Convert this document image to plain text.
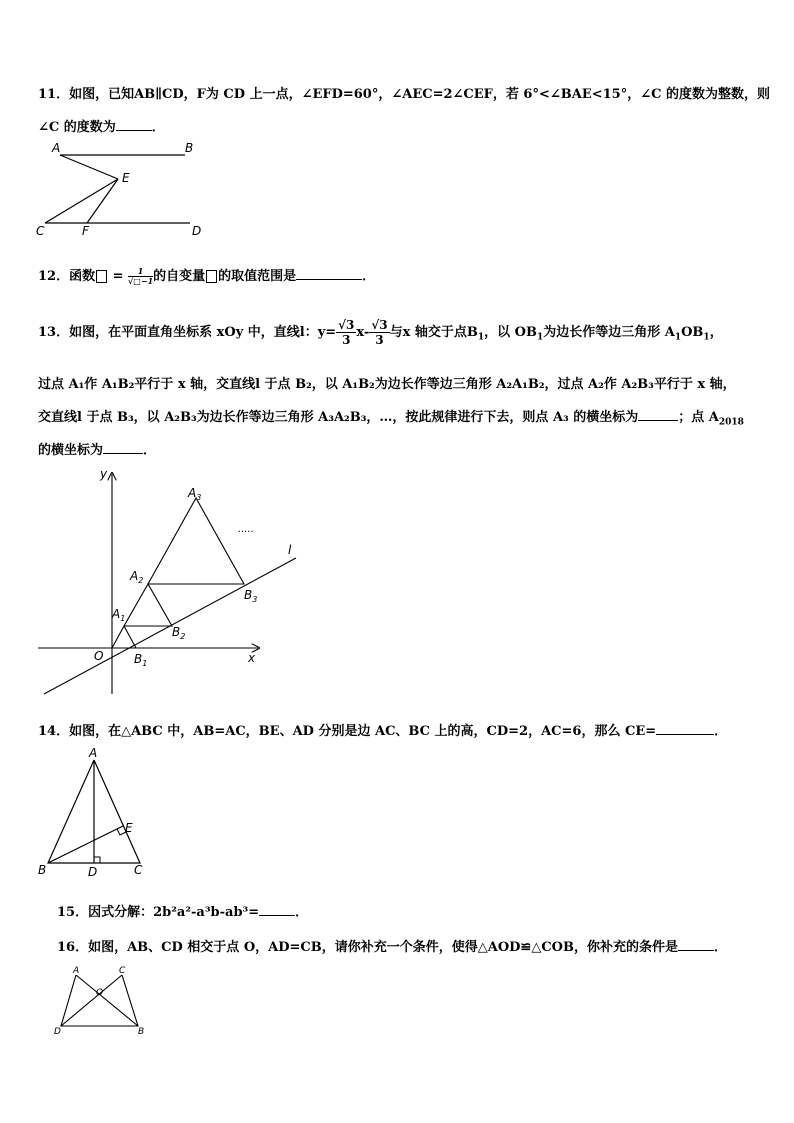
11．如图，已知AB∥CD，F为 CD 上一点，∠EFD=60°，∠AEC=2∠CEF，若 6°<∠BAE<15°，∠C 的度数为整数，则
∠C 的度数为	．
A	B
E
C	F	D
12．函数 = $\frac{1}{√□-1}$的自变量 的取值范围是	．
13．如图，在平面直角坐标系 xOy 中，直线l：$y= \frac{√3}{3} x- \frac{√3}{3}$ 与x 轴交于点$B_1$，以 $OB_1$为边长作等边三角形 $A_1OB_1$，
过点 A₁作 A₁B₂平行于 x 轴，交直线l 于点 B₂，以 A₁B₂为边长作等边三角形 A₂A₁B₂，过点 A₂作 A₂B₃平行于 x 轴，
交直线l 于点 B₃，以 A₂B₃为边长作等边三角形 A₃A₂B₃，…，按此规律进行下去，则点 A₃ 的横坐标为	；点 $A_{2018}$
的横坐标为	．
y
x
O
l
$A_1$
$A_2$
$A_3$
$B_1$
$B_2$
$B_3$
.....
14．如图，在△ABC 中，AB=AC，BE、AD 分别是边 AC、BC 上的高，CD=2，AC=6，那么 CE=	．
A
B	D	C
E
15．因式分解：2b²a²-a³b-ab³=	．
16．如图，AB、CD 相交于点 O，AD=CB，请你补充一个条件，使得△AOD≌△COB，你补充的条件是	．
A	C
O
D	B
